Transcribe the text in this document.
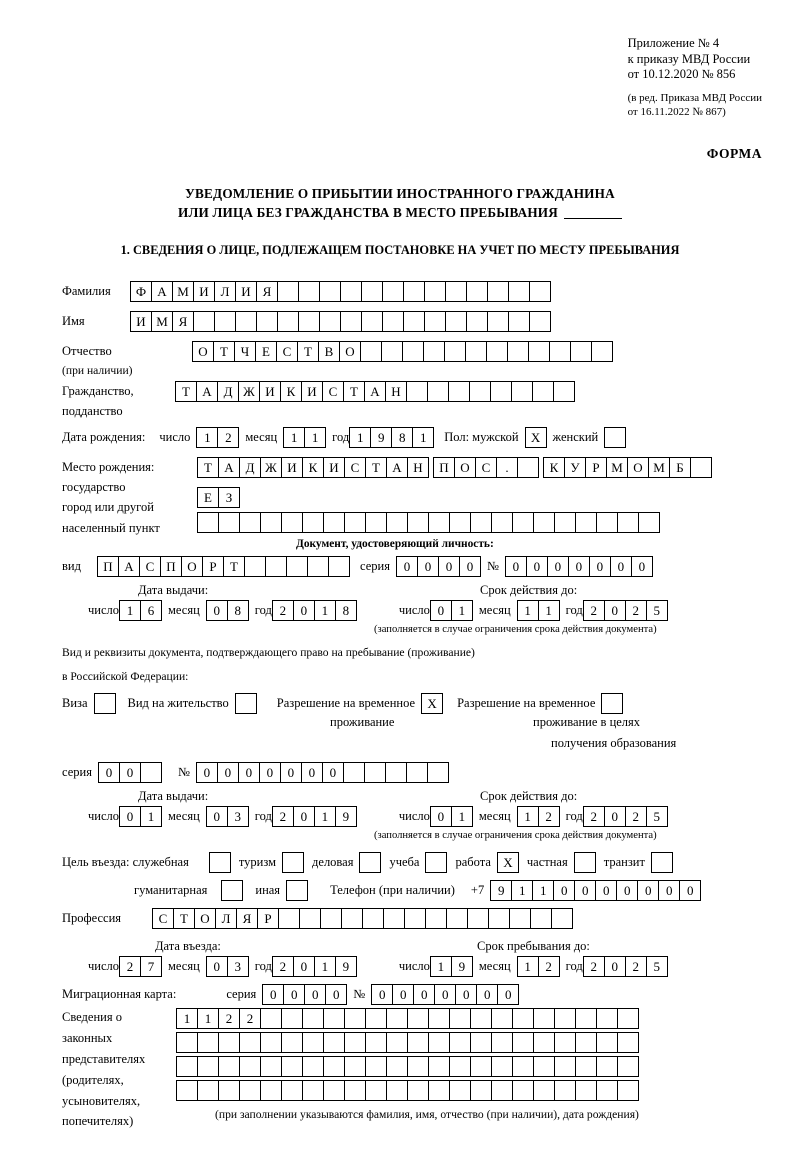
Приложение № 4
к приказу МВД России
от 10.12.2020 № 856
(в ред. Приказа МВД России
от 16.11.2022 № 867)
ФОРМА
УВЕДОМЛЕНИЕ О ПРИБЫТИИ ИНОСТРАННОГО ГРАЖДАНИНА
ИЛИ ЛИЦА БЕЗ ГРАЖДАНСТВА В МЕСТО ПРЕБЫВАНИЯ
1. СВЕДЕНИЯ О ЛИЦЕ, ПОДЛЕЖАЩЕМ ПОСТАНОВКЕ НА УЧЕТ ПО МЕСТУ ПРЕБЫВАНИЯ
Фамилия	Ф А М И Л И Я
Имя	И М Я
Отчество	О Т Ч Е С Т В О
(при наличии)
Гражданство,	Т А Д Ж И К И С Т А Н
подданство
Дата рождения: число	1	2	месяц	1	1	год 1	9	8	1	Пол: мужской X женский
Место рождения:	Т А Д Ж И К И С Т А Н	П О С	.	К У Р М О М Б
государство
Е	З
город или другой
населенный пункт
Документ, удостоверяющий личность:
вид	П А С П О Р	Т	серия	0	0	0	0	№	0	0	0	0	0	0	0
Дата выдачи:	Срок действия до:
число 1	6	месяц	0	8	год 2	0	1	8	число 0	1	месяц	1	1	год 2	0	2	5
(заполняется в случае ограничения срока действия документа)
Вид и реквизиты документа, подтверждающего право на пребывание (проживание)
в Российской Федерации:
Виза	Вид на жительство	Разрешение на временное X	Разрешение на временное
проживание	проживание в целях
получения образования
серия	0	0	№	0	0	0	0	0	0	0
Дата выдачи:	Срок действия до:
число 0	1	месяц	0	3	год 2	0	1	9	число 0	1	месяц	1	2	год 2	0	2	5
(заполняется в случае ограничения срока действия документа)
Цель въезда: служебная	туризм	деловая	учеба	работа X	частная	транзит
гуманитарная	иная	Телефон (при наличии) +7	9	1	1	0	0	0	0	0	0	0
Профессия	С Т О Л Я	Р
Дата въезда:	Срок пребывания до:
число 2	7	месяц	0	3	год 2	0	1	9	число 1	9	месяц	1	2	год 2	0	2	5
Миграционная карта:	серия	0	0	0	0	№	0	0	0	0	0	0	0
Сведения о
законных
представителях
(родителях,
усыновителях,
попечителях)
1	1	2	2
(при заполнении указываются фамилия, имя, отчество (при наличии), дата рождения)
